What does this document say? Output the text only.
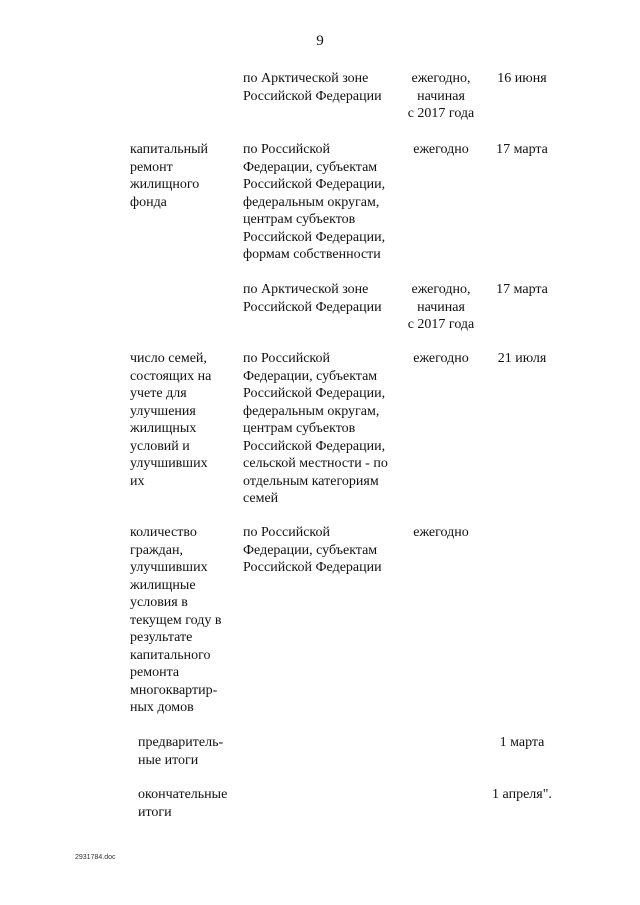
9
по Арктической зоне
Российской Федерации
ежегодно,
начиная
с 2017 года
16 июня
капитальный
ремонт
жилищного
фонда
по Российской
Федерации, субъектам
Российской Федерации,
федеральным округам,
центрам субъектов
Российской Федерации,
формам собственности
ежегодно	17 марта
по Арктической зоне
Российской Федерации
ежегодно,
начиная
с 2017 года
17 марта
число семей,
состоящих на
учете для
улучшения
жилищных
условий и
улучшивших
их
по Российской
Федерации, субъектам
Российской Федерации,
федеральным округам,
центрам субъектов
Российской Федерации,
сельской местности - по
отдельным категориям
семей
ежегодно	21 июля
количество
граждан,
улучшивших
жилищные
условия в
текущем году в
результате
капитального
ремонта
многоквартир-
ных домов
по Российской
Федерации, субъектам
Российской Федерации
ежегодно
предваритель-
ные итоги
1 марта
окончательные
итоги
1 апреля".
2931784.doc
